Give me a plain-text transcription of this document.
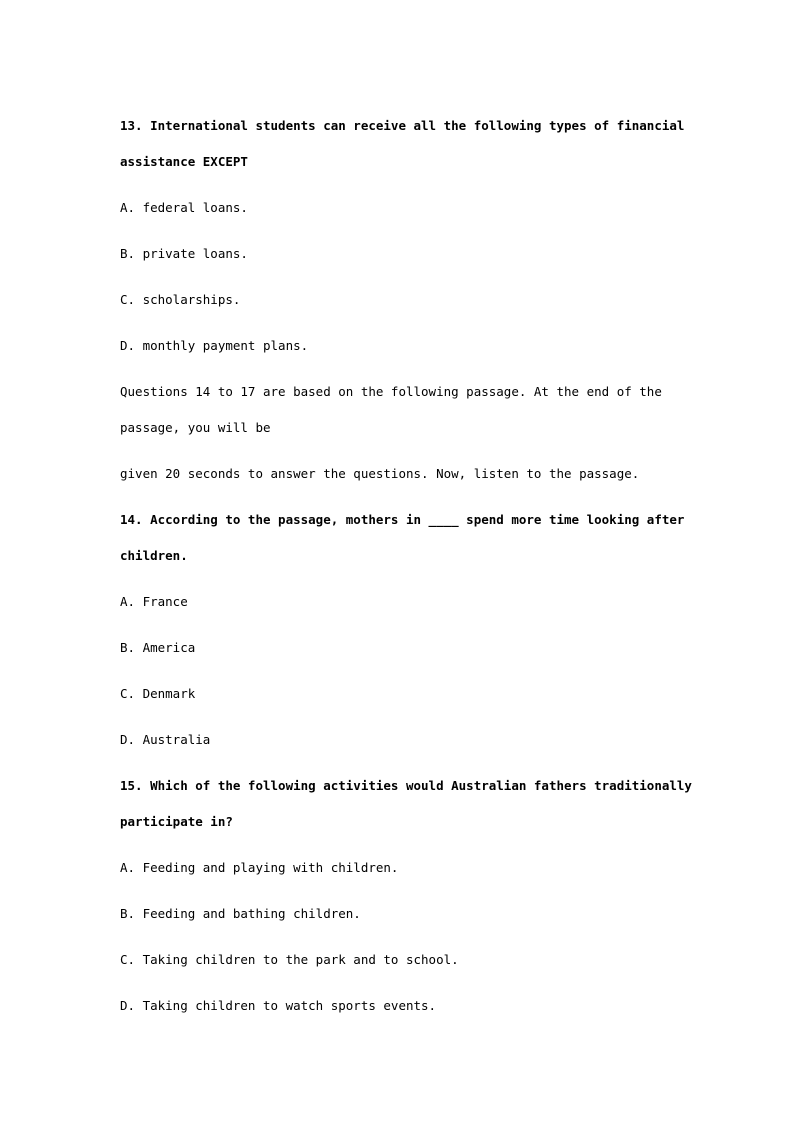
13. International students can receive all the following types of financial
assistance EXCEPT
A. federal loans.
B. private loans.
C. scholarships.
D. monthly payment plans.
Questions 14 to 17 are based on the following passage. At the end of the
passage, you will be
given 20 seconds to answer the questions. Now, listen to the passage.
14. According to the passage, mothers in ____ spend more time looking after
children.
A. France
B. America
C. Denmark
D. Australia
15. Which of the following activities would Australian fathers traditionally
participate in?
A. Feeding and playing with children.
B. Feeding and bathing children.
C. Taking children to the park and to school.
D. Taking children to watch sports events.
